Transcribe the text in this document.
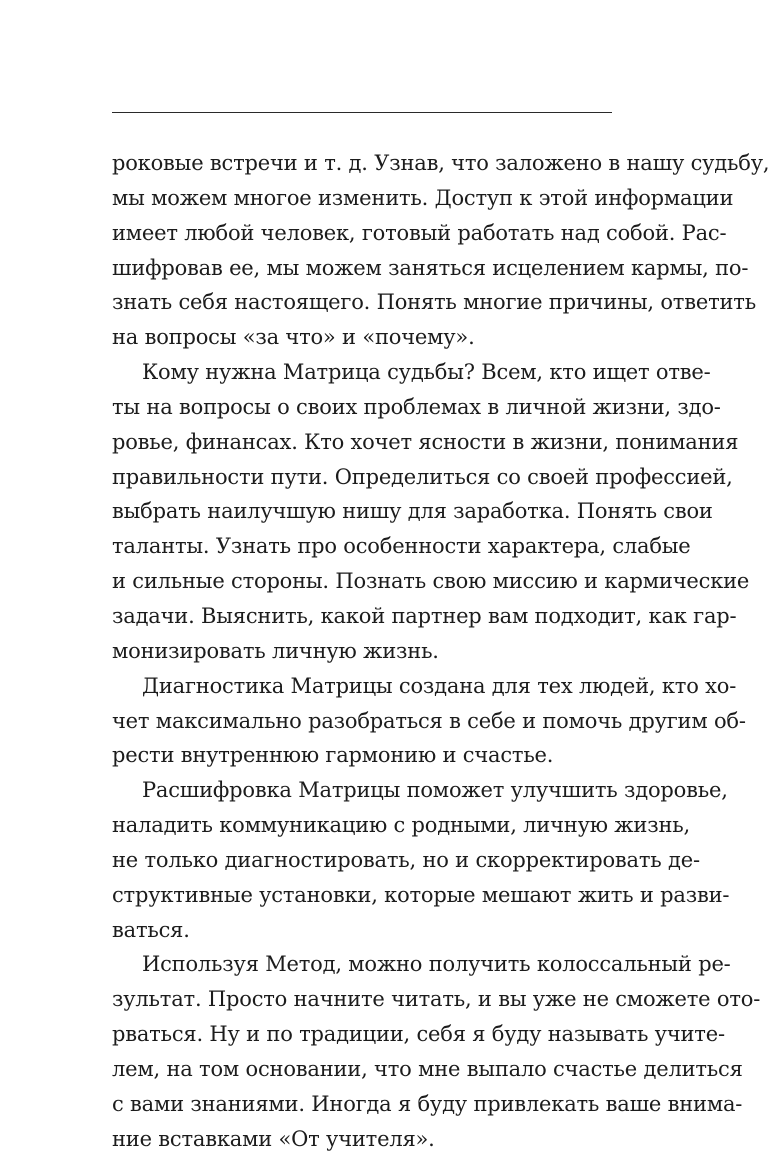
роковые встречи и т. д. Узнав, что заложено в нашу судьбу,
мы можем многое изменить. Доступ к этой информации
имеет любой человек, готовый работать над собой. Рас-
шифровав ее, мы можем заняться исцелением кармы, по-
знать себя настоящего. Понять многие причины, ответить
на вопросы «за что» и «почему».
Кому нужна Матрица судьбы? Всем, кто ищет отве-
ты на вопросы о своих проблемах в личной жизни, здо-
ровье, финансах. Кто хочет ясности в жизни, понимания
правильности пути. Определиться со своей профессией,
выбрать наилучшую нишу для заработка. Понять свои
таланты. Узнать про особенности характера, слабые
и сильные стороны. Познать свою миссию и кармические
задачи. Выяснить, какой партнер вам подходит, как гар-
монизировать личную жизнь.
Диагностика Матрицы создана для тех людей, кто хо-
чет максимально разобраться в себе и помочь другим об-
рести внутреннюю гармонию и счастье.
Расшифровка Матрицы поможет улучшить здоровье,
наладить коммуникацию с родными, личную жизнь,
не только диагностировать, но и скорректировать де-
структивные установки, которые мешают жить и разви-
ваться.
Используя Метод, можно получить колоссальный ре-
зультат. Просто начните читать, и вы уже не сможете ото-
рваться. Ну и по традиции, себя я буду называть учите-
лем, на том основании, что мне выпало счастье делиться
с вами знаниями. Иногда я буду привлекать ваше внима-
ние вставками «От учителя».
